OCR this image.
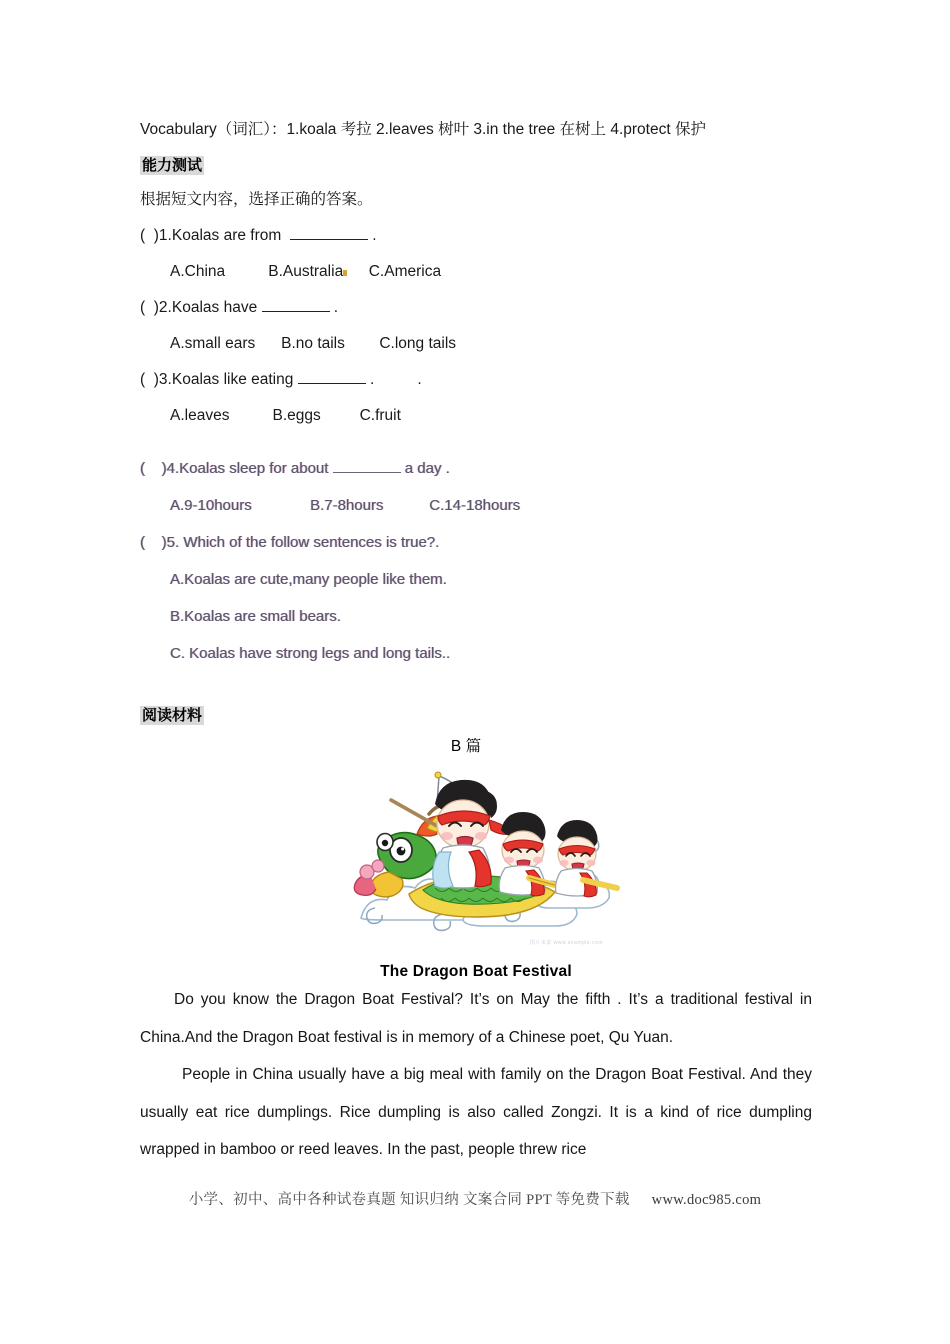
Vocabulary（词汇）：1.koala 考拉 2.leaves 树叶 3.in the tree 在树上 4.protect 保护
能力测试
根据短文内容，选择正确的答案。
(  )1.Koalas are from	.
A.China	B.Australia C.America
(  )2.Koalas have	.
A.small ears B.no tails C.long tails
(  )3.Koalas like eating	.          .
A.leaves	B.eggs	C.fruit
(    )4.Koalas sleep for about	a day .
A.9-10hours	B.7-8hours	C.14-18hours
(    )5. Which of the follow sentences is true?.
A.Koalas are cute,many people like them.
B.Koalas are small bears.
C. Koalas have strong legs and long tails..
阅读材料
B 篇
图片来源 www.example.com
The Dragon Boat Festival
Do you know the Dragon Boat Festival? It’s on May the fifth . It’s a traditional festival in China.And the Dragon Boat festival is in memory of a Chinese poet, Qu Yuan.
People in China usually have a big meal with family on the Dragon Boat Festival. And they usually eat rice dumplings. Rice dumpling is also called Zongzi. It is a kind of rice dumpling wrapped in bamboo or reed leaves. In the past, people threw rice
小学、初中、高中各种试卷真题 知识归纳 文案合同 PPT 等免费下载 www.doc985.com
